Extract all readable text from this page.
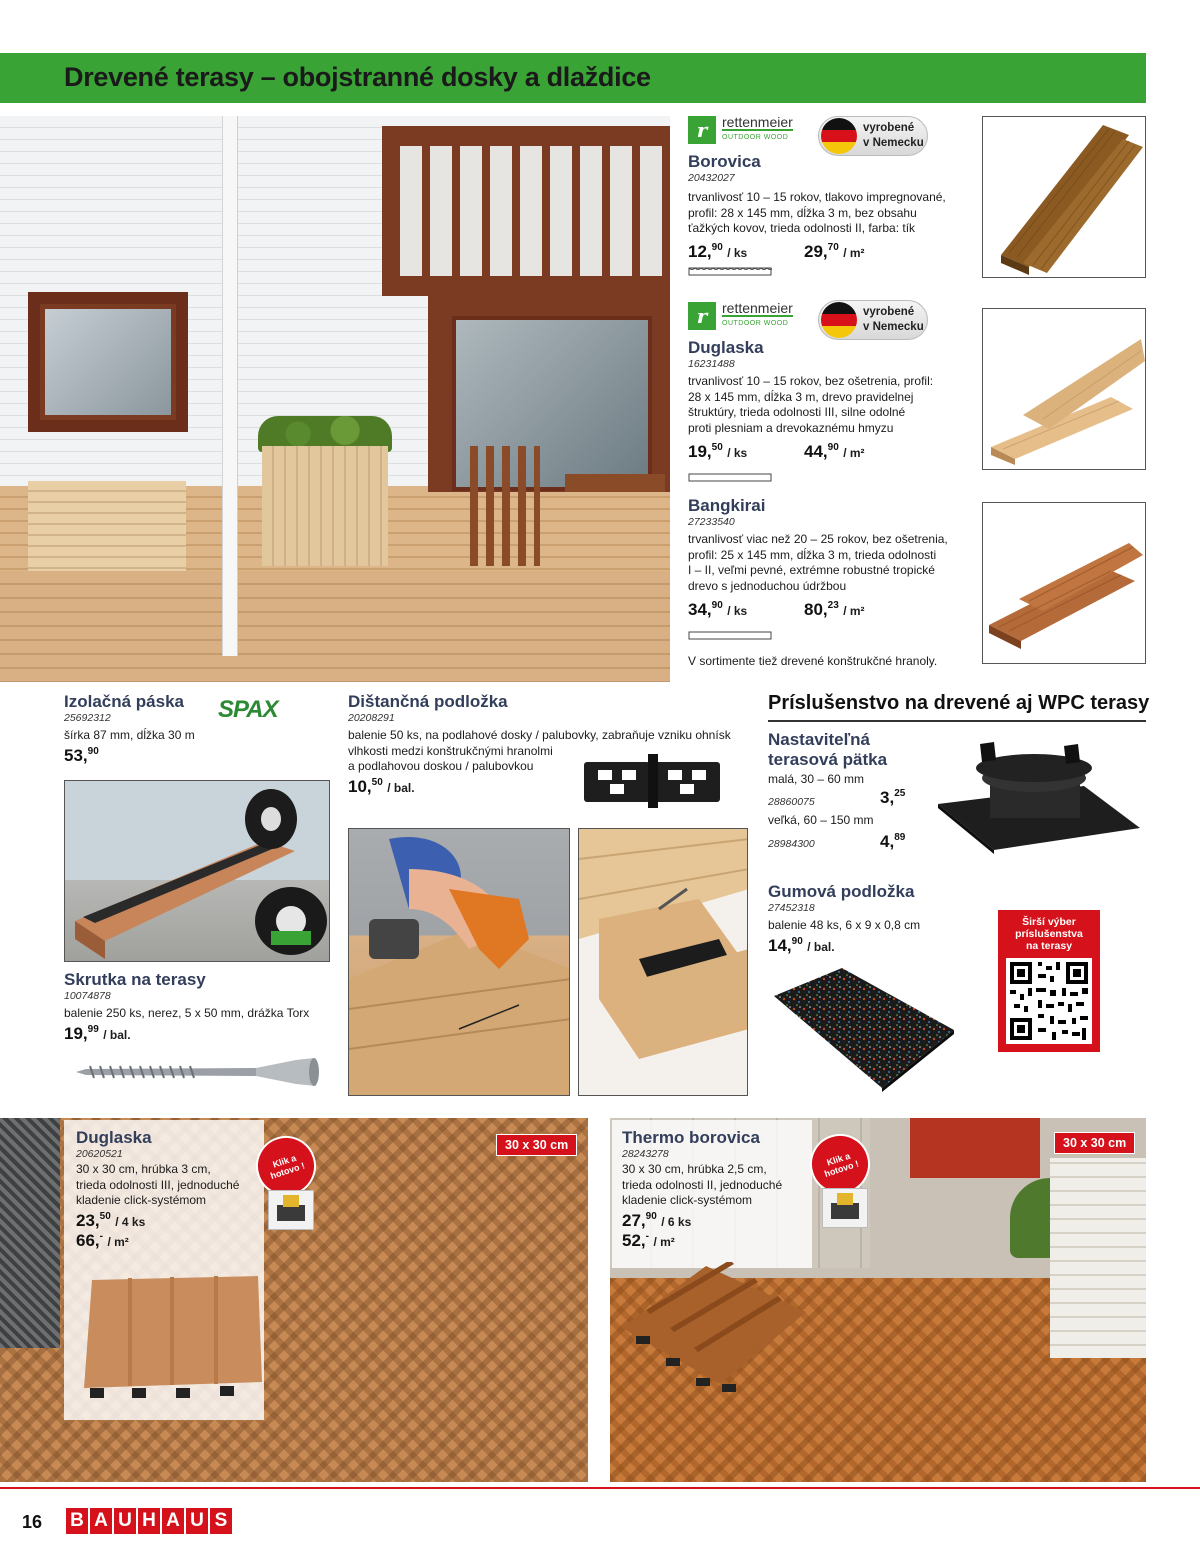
Drevené terasy – obojstranné dosky a dlaždice
r	rettenmeier
OUTDOOR WOOD
vyrobené
v Nemecku
Borovica
20432027
trvanlivosť 10 – 15 rokov, tlakovo impregnované,
profil: 28 x 145 mm, dĺžka 3 m, bez obsahu
ťažkých kovov, trieda odolnosti II, farba: tík
12,90 / ks	29,70 / m²
r	rettenmeier
OUTDOOR WOOD
vyrobené
v Nemecku
Duglaska
16231488
trvanlivosť 10 – 15 rokov, bez ošetrenia, profil:
28 x 145 mm, dĺžka 3 m, drevo pravidelnej
štruktúry, trieda odolnosti III, silne odolné
proti plesniam a drevokaznému hmyzu
19,50 / ks	44,90 / m²
Bangkirai
27233540
trvanlivosť viac než 20 – 25 rokov, bez ošetrenia,
profil: 25 x 145 mm, dĺžka 3 m, trieda odolnosti
I – II, veľmi pevné, extrémne robustné tropické
drevo s jednoduchou údržbou
34,90 / ks	80,23 / m²
V sortimente tiež drevené konštrukčné hranoly.
Izolačná páska
25692312
šírka 87 mm, dĺžka 30 m
53,90
SPAX
Skrutka na terasy
10074878
balenie 250 ks, nerez, 5 x 50 mm, drážka Torx
19,99 / bal.
Dištančná podložka
20208291
balenie 50 ks, na podlahové dosky / palubovky, zabraňuje vzniku ohnísk
vlhkosti medzi konštrukčnými hranolmi
a podlahovou doskou / palubovkou
10,50 / bal.
Príslušenstvo na drevené aj WPC terasy
Nastaviteľná
terasová pätka
malá, 30 – 60 mm
28860075	3,25
veľká, 60 – 150 mm
28984300	4,89
Gumová podložka
27452318
balenie 48 ks, 6 x 9 x 0,8 cm
14,90 / bal.
Širší výber
príslušenstva
na terasy
Duglaska
20620521
30 x 30 cm, hrúbka 3 cm,
trieda odolnosti III, jednoduché
kladenie click-systémom
23,50 / 4 ks
66,- / m²
Klik a hotovo !
30 x 30 cm	Thermo borovica
28243278
30 x 30 cm, hrúbka 2,5 cm,
trieda odolnosti II, jednoduché
kladenie click-systémom
27,90 / 6 ks
52,- / m²
Klik a hotovo !
30 x 30 cm
16 B A U H A U S
